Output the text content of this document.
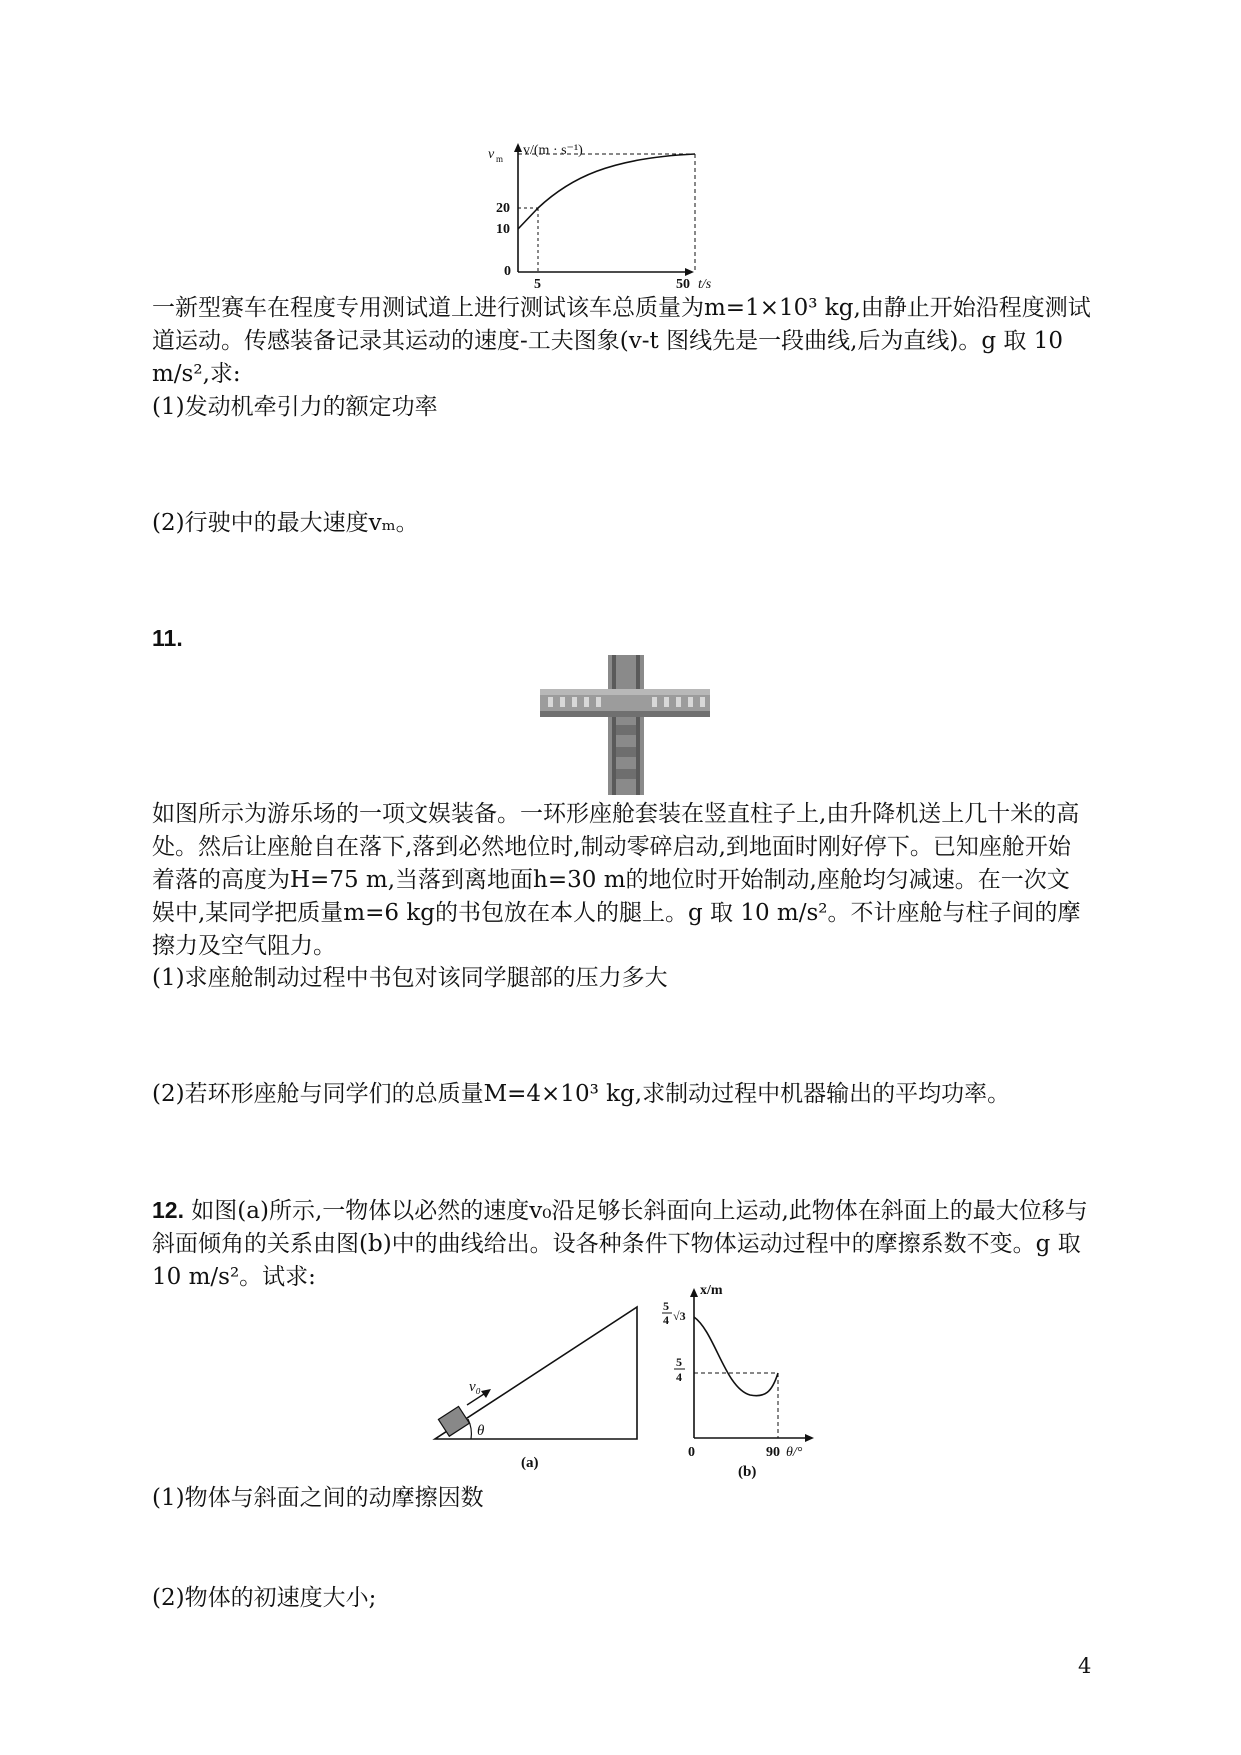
v/(m · s⁻¹)
v m
20
10
0
5	50 t/s
一新型赛车在程度专用测试道上进行测试该车总质量为m=1×10³ kg,由静止开始沿程度测试道运动。传感装备记录其运动的速度-工夫图象(v-t 图线先是一段曲线,后为直线)。g 取 10 m/s²,求:
(1)发动机牵引力的额定功率
(2)行驶中的最大速度vₘ。
11.
如图所示为游乐场的一项文娱装备。一环形座舱套装在竖直柱子上,由升降机送上几十米的高处。然后让座舱自在落下,落到必然地位时,制动零碎启动,到地面时刚好停下。已知座舱开始着落的高度为H=75 m,当落到离地面h=30 m的地位时开始制动,座舱均匀减速。在一次文娱中,某同学把质量m=6 kg的书包放在本人的腿上。g 取 10 m/s²。不计座舱与柱子间的摩擦力及空气阻力。
(1)求座舱制动过程中书包对该同学腿部的压力多大
(2)若环形座舱与同学们的总质量M=4×10³ kg,求制动过程中机器输出的平均功率。
12. 如图(a)所示,一物体以必然的速度v₀沿足够长斜面向上运动,此物体在斜面上的最大位移与斜面倾角的关系由图(b)中的曲线给出。设各种条件下物体运动过程中的摩擦系数不变。g 取 10 m/s²。试求:
v₀
θ
(a)
x/m
5
4 √3
5
4
0	90 θ/°
(b)
(1)物体与斜面之间的动摩擦因数
(2)物体的初速度大小;
4
